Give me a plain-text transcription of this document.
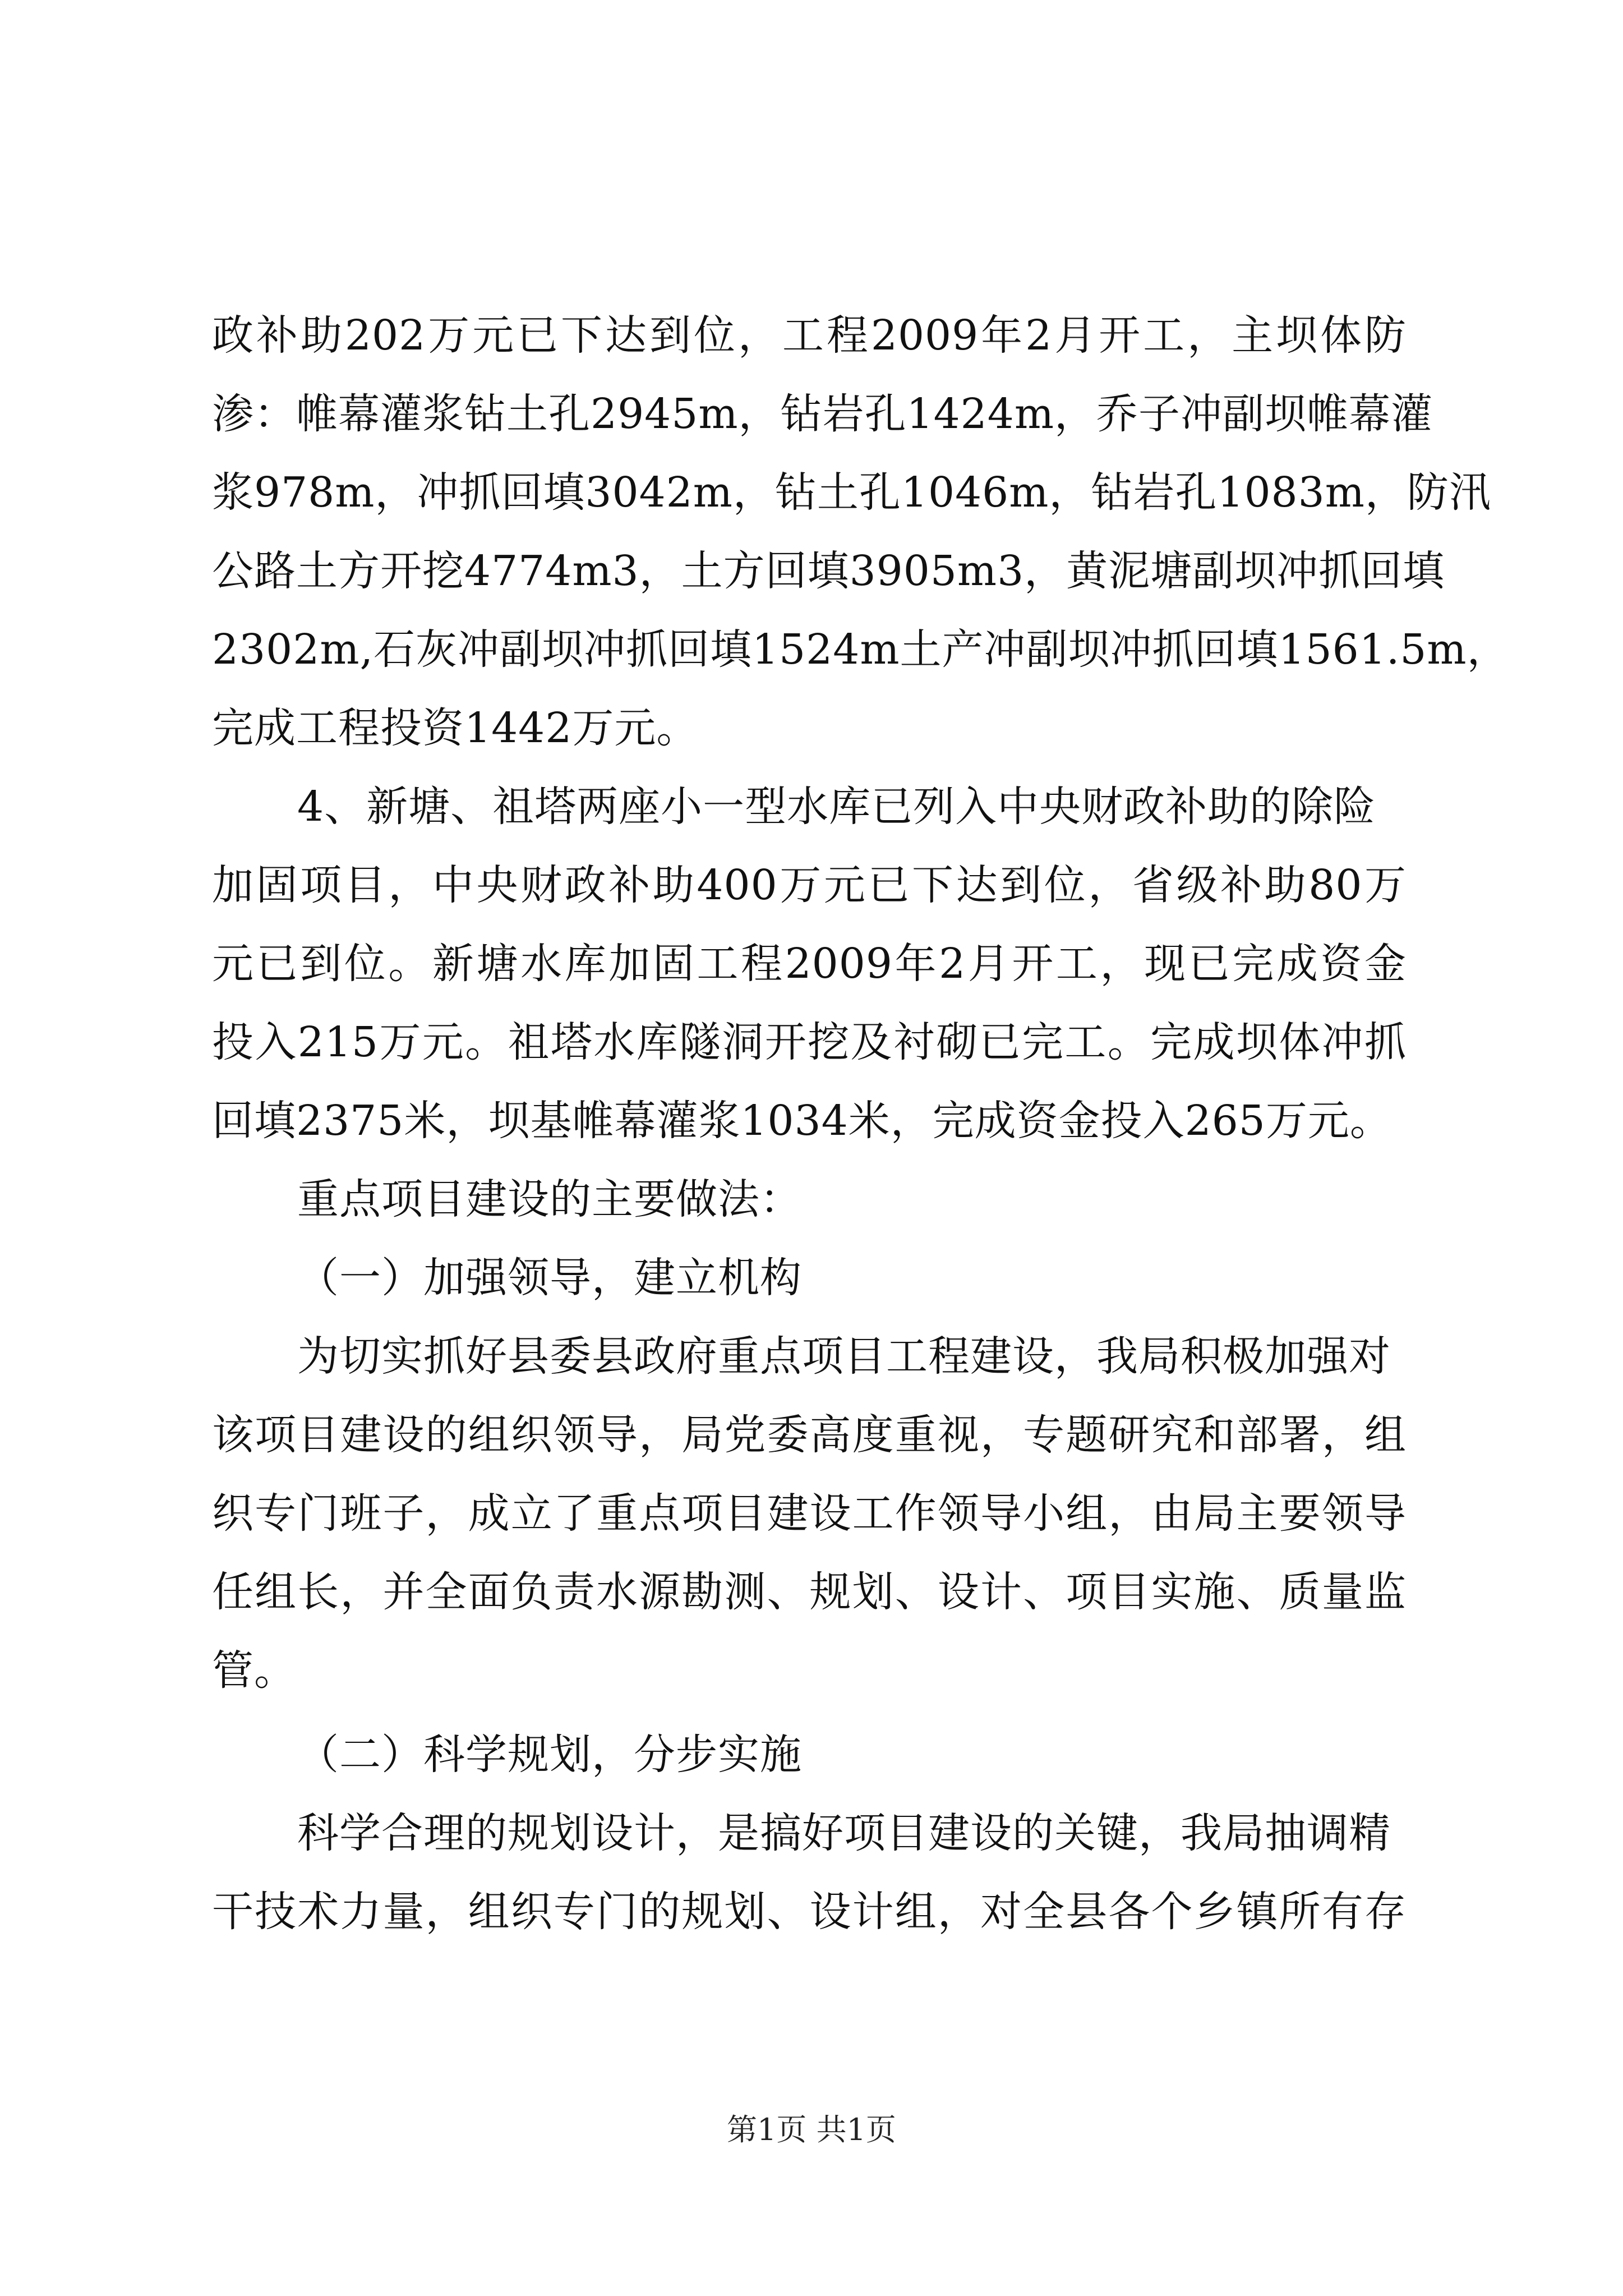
政补助202万元已下达到位，工程2009年2月开工，主坝体防
渗：帷幕灌浆钻土孔2945m，钻岩孔1424m，乔子冲副坝帷幕灌
浆978m，冲抓回填3042m，钻土孔1046m，钻岩孔1083m，防汛
公路土方开挖4774m3，土方回填3905m3，黄泥塘副坝冲抓回填
2302m,石灰冲副坝冲抓回填1524m土产冲副坝冲抓回填1561.5m，
完成工程投资1442万元。
4、新塘、祖塔两座小一型水库已列入中央财政补助的除险
加固项目，中央财政补助400万元已下达到位，省级补助80万
元已到位。新塘水库加固工程2009年2月开工，现已完成资金
投入215万元。祖塔水库隧洞开挖及衬砌已完工。完成坝体冲抓
回填2375米，坝基帷幕灌浆1034米，完成资金投入265万元。
重点项目建设的主要做法：
（一）加强领导，建立机构
为切实抓好县委县政府重点项目工程建设，我局积极加强对
该项目建设的组织领导，局党委高度重视，专题研究和部署，组
织专门班子，成立了重点项目建设工作领导小组，由局主要领导
任组长，并全面负责水源勘测、规划、设计、项目实施、质量监
管。
（二）科学规划，分步实施
科学合理的规划设计，是搞好项目建设的关键，我局抽调精
干技术力量，组织专门的规划、设计组，对全县各个乡镇所有存
第1页 共1页
